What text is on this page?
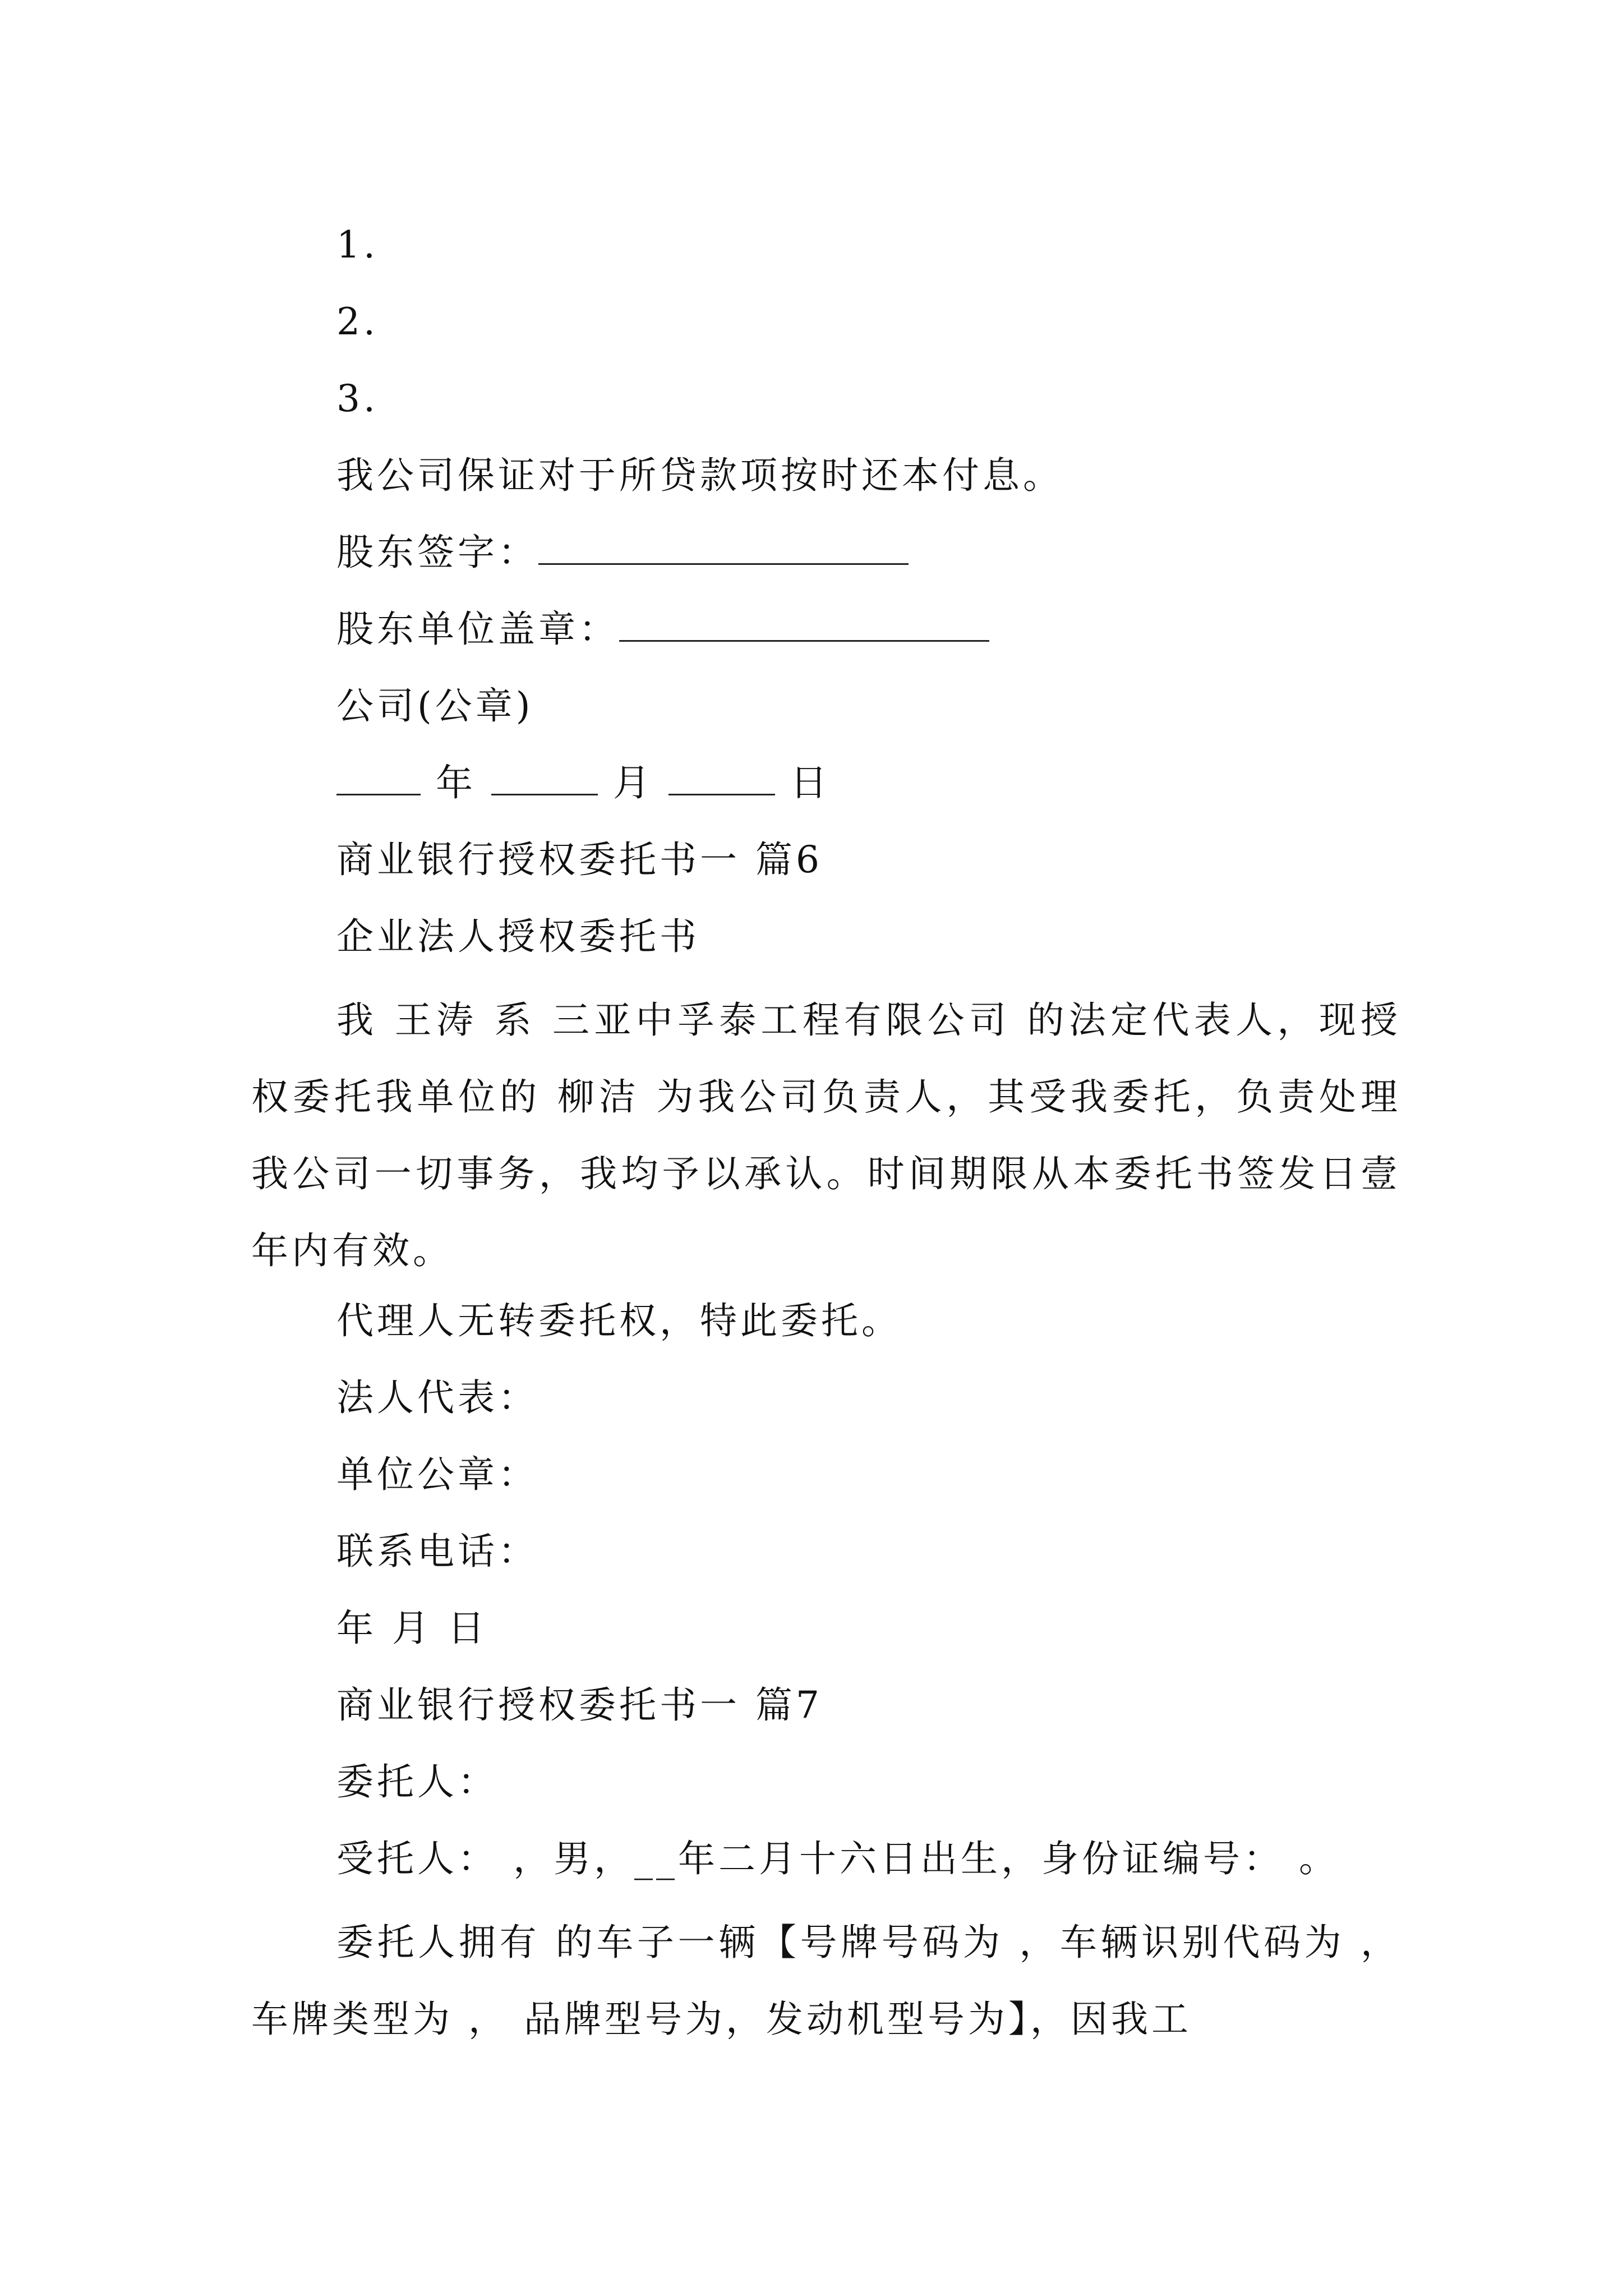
1.
2.
3.
我公司保证对于所贷款项按时还本付息。
股东签字：
股东单位盖章：
公司(公章)
年	月	日
商业银行授权委托书一 篇6
企业法人授权委托书
我 王涛 系 三亚中孚泰工程有限公司 的法定代表人，现授权委托我单位的 柳洁 为我公司负责人，其受我委托，负责处理我公司一切事务，我均予以承认。时间期限从本委托书签发日壹年内有效。
代理人无转委托权，特此委托。
法人代表：
单位公章：
联系电话：
年 月 日
商业银行授权委托书一 篇7
委托人：
受托人： ，男，__年二月十六日出生，身份证编号： 。
委托人拥有 的车子一辆【号牌号码为 ，车辆识别代码为 ，车牌类型为 ， 品牌型号为，发动机型号为】，因我工
